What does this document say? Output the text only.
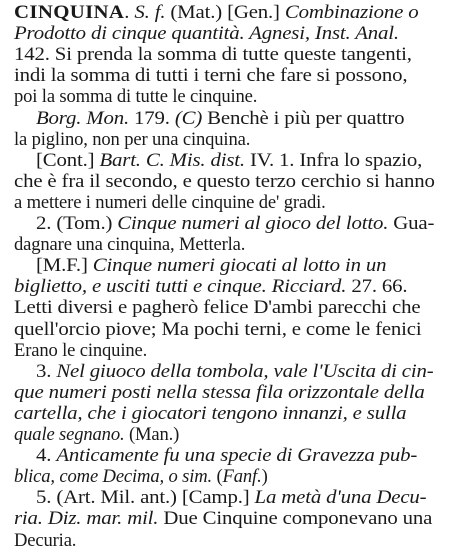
CINQUINA. S. f. (Mat.) [Gen.] Combinazione o

Prodotto di cinque quantità. Agnesi, Inst. Anal.

142. Si prenda la somma di tutte queste tangenti,

indi la somma di tutti i terni che fare si possono,

poi la somma di tutte le cinquine.

Borg. Mon. 179. (C) Benchè i più per quattro

la piglino, non per una cinquina.

[Cont.] Bart. C. Mis. dist. IV. 1. Infra lo spazio,

che è fra il secondo, e questo terzo cerchio si hanno

a mettere i numeri delle cinquine de' gradi.

2. (Tom.) Cinque numeri al gioco del lotto. Gua-

dagnare una cinquina, Metterla.

[M.F.] Cinque numeri giocati al lotto in un

biglietto, e usciti tutti e cinque. Ricciard. 27. 66.

Letti diversi e pagherò felice D'ambi parecchi che

quell'orcio piove; Ma pochi terni, e come le fenici

Erano le cinquine.

3. Nel giuoco della tombola, vale l'Uscita di cin-

que numeri posti nella stessa fila orizzontale della

cartella, che i giocatori tengono innanzi, e sulla

quale segnano. (Man.)

4. Anticamente fu una specie di Gravezza pub-

blica, come Decima, o sim. (Fanf.)

5. (Art. Mil. ant.) [Camp.] La metà d'una Decu-

ria. Diz. mar. mil. Due Cinquine componevano una

Decuria.
